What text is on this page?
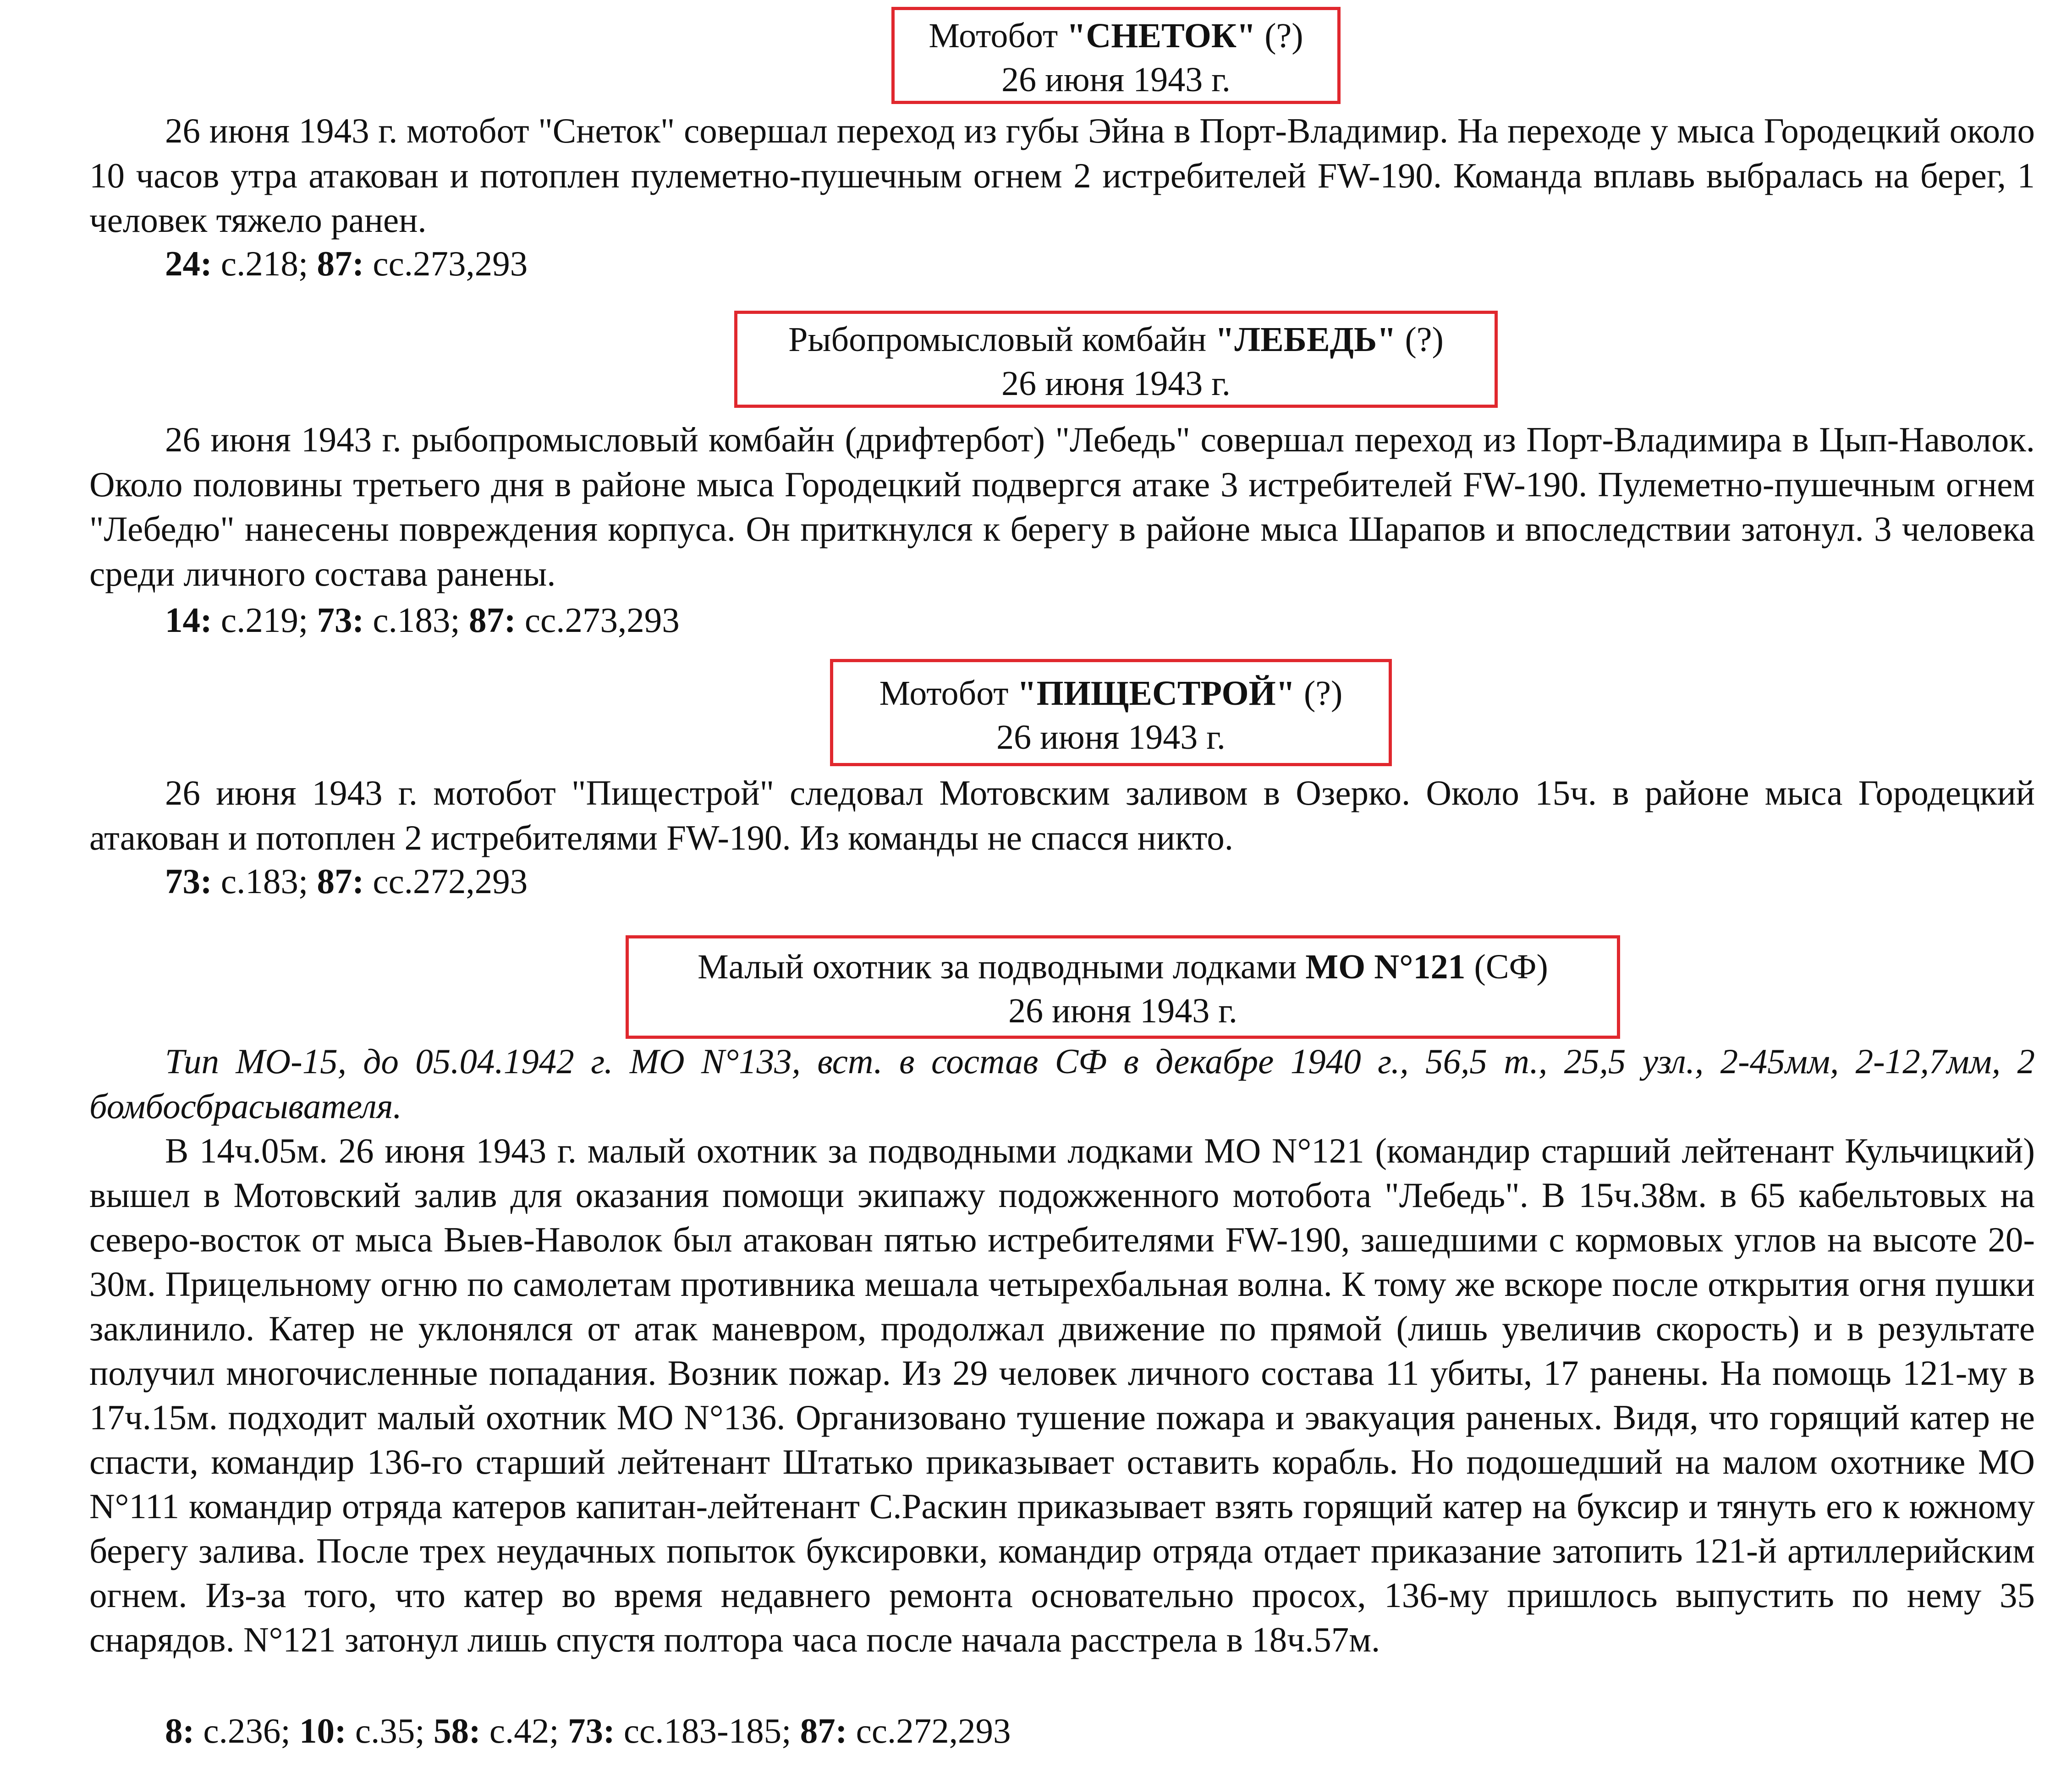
Мотобот "СНЕТОК" (?)
26 июня 1943 г.

26 июня 1943 г. мотобот "Снеток" совершал переход из губы Эйна в Порт-Владимир. На переходе у мыса Городецкий около 10 часов утра атакован и потоплен пулеметно-пушечным огнем 2 истребителей FW-190. Команда вплавь выбралась на берег, 1 человек тяжело ранен.

24: с.218; 87: сс.273,293

Рыбопромысловый комбайн "ЛЕБЕДЬ" (?)
26 июня 1943 г.

26 июня 1943 г. рыбопромысловый комбайн (дрифтербот) "Лебедь" совершал переход из Порт-Владимира в Цып-Наволок. Около половины третьего дня в районе мыса Городецкий подвергся атаке 3 истребителей FW-190. Пулеметно-пушечным огнем "Лебедю" нанесены повреждения корпуса. Он приткнулся к берегу в районе мыса Шарапов и впоследствии затонул. 3 человека среди личного состава ранены.

14: с.219; 73: с.183; 87: сс.273,293

Мотобот "ПИЩЕСТРОЙ" (?)
26 июня 1943 г.

26 июня 1943 г. мотобот "Пищестрой" следовал Мотовским заливом в Озерко. Около 15ч. в районе мыса Городецкий атакован и потоплен 2 истребителями FW-190. Из команды не спасся никто.

73: с.183; 87: сс.272,293

Малый охотник за подводными лодками МО N°121 (СФ)
26 июня 1943 г.

Тип МО-15, до 05.04.1942 г. МО N°133, вст. в состав СФ в декабре 1940 г., 56,5 т., 25,5 узл., 2-45мм, 2-12,7мм, 2 бомбосбрасывателя.

В 14ч.05м. 26 июня 1943 г. малый охотник за подводными лодками МО N°121 (командир старший лейтенант Кульчицкий) вышел в Мотовский залив для оказания помощи экипажу подожженного мотобота "Лебедь". В 15ч.38м. в 65 кабельтовых на северо-восток от мыса Выев-Наволок был атакован пятью истребителями FW-190, зашедшими с кормовых углов на высоте 20-30м. Прицельному огню по самолетам противника мешала четырехбальная волна. К тому же вскоре после открытия огня пушки заклинило. Катер не уклонялся от атак маневром, продолжал движение по прямой (лишь увеличив скорость) и в результате получил многочисленные попадания. Возник пожар. Из 29 человек личного состава 11 убиты, 17 ранены. На помощь 121-му в 17ч.15м. подходит малый охотник МО N°136. Организовано тушение пожара и эвакуация раненых. Видя, что горящий катер не спасти, командир 136-го старший лейтенант Штатько приказывает оставить корабль. Но подошедший на малом охотнике МО N°111 командир отряда катеров капитан-лейтенант С.Раскин приказывает взять горящий катер на буксир и тянуть его к южному берегу залива. После трех неудачных попыток буксировки, командир отряда отдает приказание затопить 121-й артиллерийским огнем. Из-за того, что катер во время недавнего ремонта основательно просох, 136-му пришлось выпустить по нему 35 снарядов. N°121 затонул лишь спустя полтора часа после начала расстрела в 18ч.57м.

8: с.236; 10: с.35; 58: с.42; 73: сс.183-185; 87: сс.272,293
